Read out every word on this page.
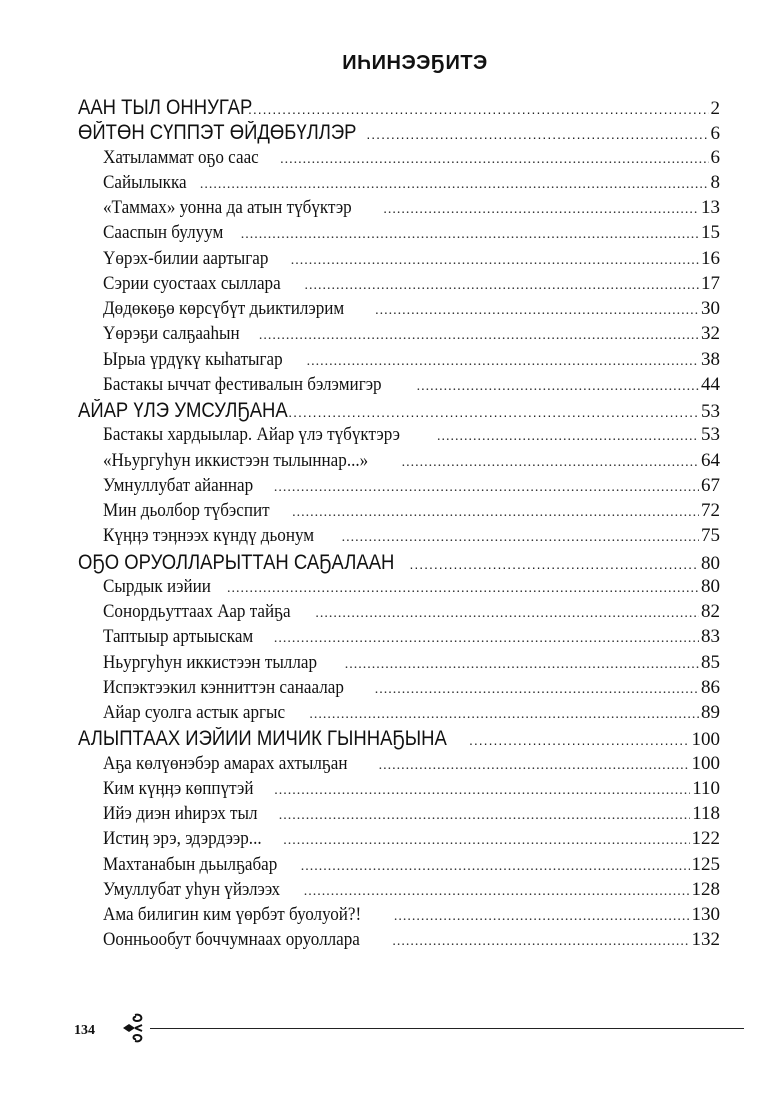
ИҺИНЭЭҔИТЭ
ААН ТЫЛ ОННУГАР .....	2
ӨЙТӨН СҮППЭТ ӨЙДӨБҮЛЛЭР .....	6
Хатыламмат оҕо саас .....	6
Сайылыкка .....	8
«Таммах» уонна да атын түбүктэр .....	13
Сааспын булуум .....	15
Үөрэх-билии аартыгар .....	16
Сэрии суостаах сыллара .....	17
Дөдөкөҕө көрсүбүт дьиктилэрим .....	30
Үөрэҕи салҕааһын .....	32
Ырыа үрдүкү кыһатыгар .....	38
Бастакы ыччат фестивалын бэлэмигэр .....	44
АЙАР ҮЛЭ УМСУЛҔАНА .....	53
Бастакы хардыылар. Айар үлэ түбүктэрэ .....	53
«Ньургуһун иккистээн тылыннар...» .....	64
Умнуллубат айаннар .....	67
Мин дьолбор түбэспит .....	72
Күӊӊэ тэӊнээх күндү дьонум .....	75
ОҔО ОРУОЛЛАРЫТТАН САҔАЛААН .....	80
Сырдык иэйии .....	80
Сонордьуттаах Аар тайҕа .....	82
Таптыыр артыыскам .....	83
Ньургуһун иккистээн тыллар .....	85
Испэктээкил кэнниттэн санаалар .....	86
Айар суолга астык аргыс .....	89
АЛЫПТААХ ИЭЙИИ МИЧИК ГЫННАҔЫНА .....	100
Аҕа көлүөнэбэр амарах ахтылҕан .....	100
Ким күӊӊэ көппүтэй .....	110
Ийэ диэн иһирэх тыл .....	118
Истиӊ эрэ, эдэрдээр... .....	122
Махтанабын дьылҕабар .....	125
Умуллубат уһун үйэлээх .....	128
Ама билигин ким үөрбэт буолуой?! .....	130
Оонньообут боччумнаах оруоллара .....	132
134
